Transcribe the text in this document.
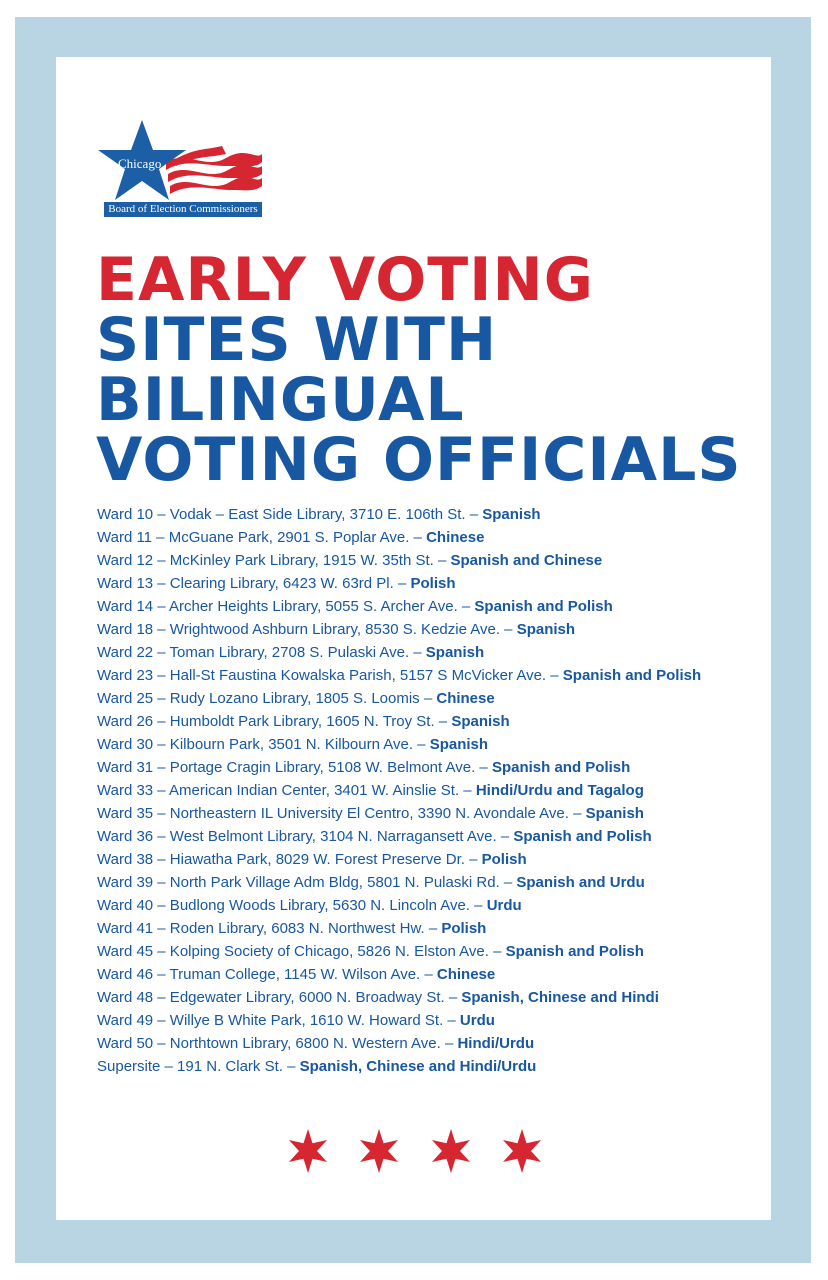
Chicago
Board of Election Commissioners
EARLY VOTING
SITES WITH
BILINGUAL
VOTING OFFICIALS
Ward 10 – Vodak – East Side Library, 3710 E. 106th St. – Spanish
Ward 11 – McGuane Park, 2901 S. Poplar Ave. – Chinese
Ward 12 – McKinley Park Library, 1915 W. 35th St. – Spanish and Chinese
Ward 13 – Clearing Library, 6423 W. 63rd Pl. – Polish
Ward 14 – Archer Heights Library, 5055 S. Archer Ave. – Spanish and Polish
Ward 18 – Wrightwood Ashburn Library, 8530 S. Kedzie Ave. – Spanish
Ward 22 – Toman Library, 2708 S. Pulaski Ave. – Spanish
Ward 23 – Hall-St Faustina Kowalska Parish, 5157 S McVicker Ave. – Spanish and Polish
Ward 25 – Rudy Lozano Library, 1805 S. Loomis – Chinese
Ward 26 – Humboldt Park Library, 1605 N. Troy St. – Spanish
Ward 30 – Kilbourn Park, 3501 N. Kilbourn Ave. – Spanish
Ward 31 – Portage Cragin Library, 5108 W. Belmont Ave. – Spanish and Polish
Ward 33 – American Indian Center, 3401 W. Ainslie St. – Hindi/Urdu and Tagalog
Ward 35 – Northeastern IL University El Centro, 3390 N. Avondale Ave. – Spanish
Ward 36 – West Belmont Library, 3104 N. Narragansett Ave. – Spanish and Polish
Ward 38 – Hiawatha Park, 8029 W. Forest Preserve Dr. – Polish
Ward 39 – North Park Village Adm Bldg, 5801 N. Pulaski Rd. – Spanish and Urdu
Ward 40 – Budlong Woods Library, 5630 N. Lincoln Ave. – Urdu
Ward 41 – Roden Library, 6083 N. Northwest Hw. – Polish
Ward 45 – Kolping Society of Chicago, 5826 N. Elston Ave. – Spanish and Polish
Ward 46 – Truman College, 1145 W. Wilson Ave. – Chinese
Ward 48 – Edgewater Library, 6000 N. Broadway St. – Spanish, Chinese and Hindi
Ward 49 – Willye B White Park, 1610 W. Howard St. – Urdu
Ward 50 – Northtown Library, 6800 N. Western Ave. – Hindi/Urdu
Supersite – 191 N. Clark St. – Spanish, Chinese and Hindi/Urdu
